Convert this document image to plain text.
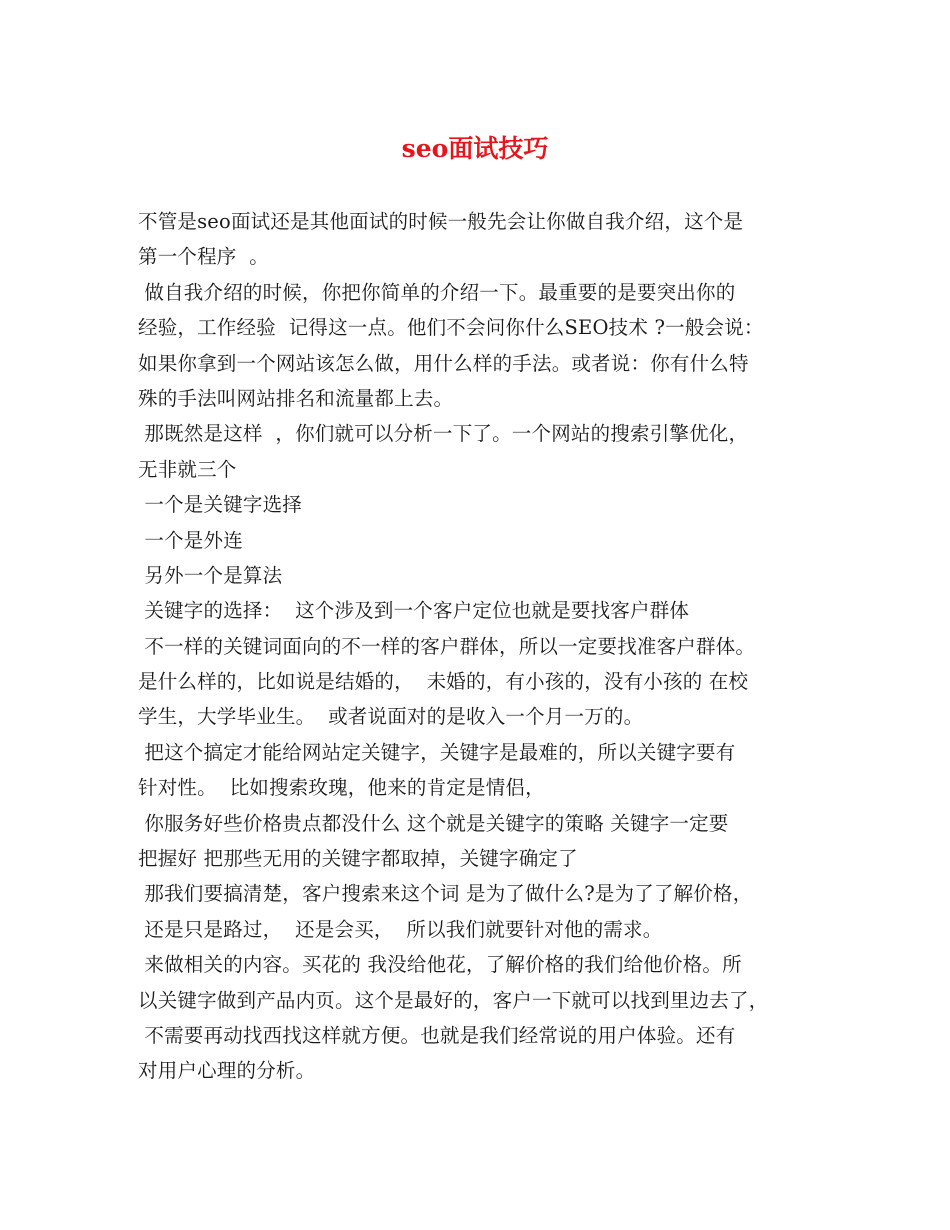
seo面试技巧
不管是seo面试还是其他面试的时候一般先会让你做自我介绍，这个是
第一个程序  。
做自我介绍的时候，你把你简单的介绍一下。最重要的是要突出你的
经验，工作经验  记得这一点。他们不会问你什么SEO技术 ?一般会说：
如果你拿到一个网站该怎么做，用什么样的手法。或者说：你有什么特
殊的手法叫网站排名和流量都上去。
那既然是这样  ，你们就可以分析一下了。一个网站的搜索引擎优化，
无非就三个
一个是关键字选择
一个是外连
另外一个是算法
关键字的选择：  这个涉及到一个客户定位也就是要找客户群体
不一样的关键词面向的不一样的客户群体，所以一定要找准客户群体。
是什么样的，比如说是结婚的，  未婚的，有小孩的，没有小孩的 在校
学生，大学毕业生。  或者说面对的是收入一个月一万的。
把这个搞定才能给网站定关键字，关键字是最难的，所以关键字要有
针对性。  比如搜索玫瑰，他来的肯定是情侣，
你服务好些价格贵点都没什么 这个就是关键字的策略 关键字一定要
把握好 把那些无用的关键字都取掉，关键字确定了
那我们要搞清楚，客户搜索来这个词 是为了做什么?是为了了解价格，
还是只是路过，  还是会买，  所以我们就要针对他的需求。
来做相关的内容。买花的 我没给他花，了解价格的我们给他价格。所
以关键字做到产品内页。这个是最好的，客户一下就可以找到里边去了，
不需要再动找西找这样就方便。也就是我们经常说的用户体验。还有
对用户心理的分析。
